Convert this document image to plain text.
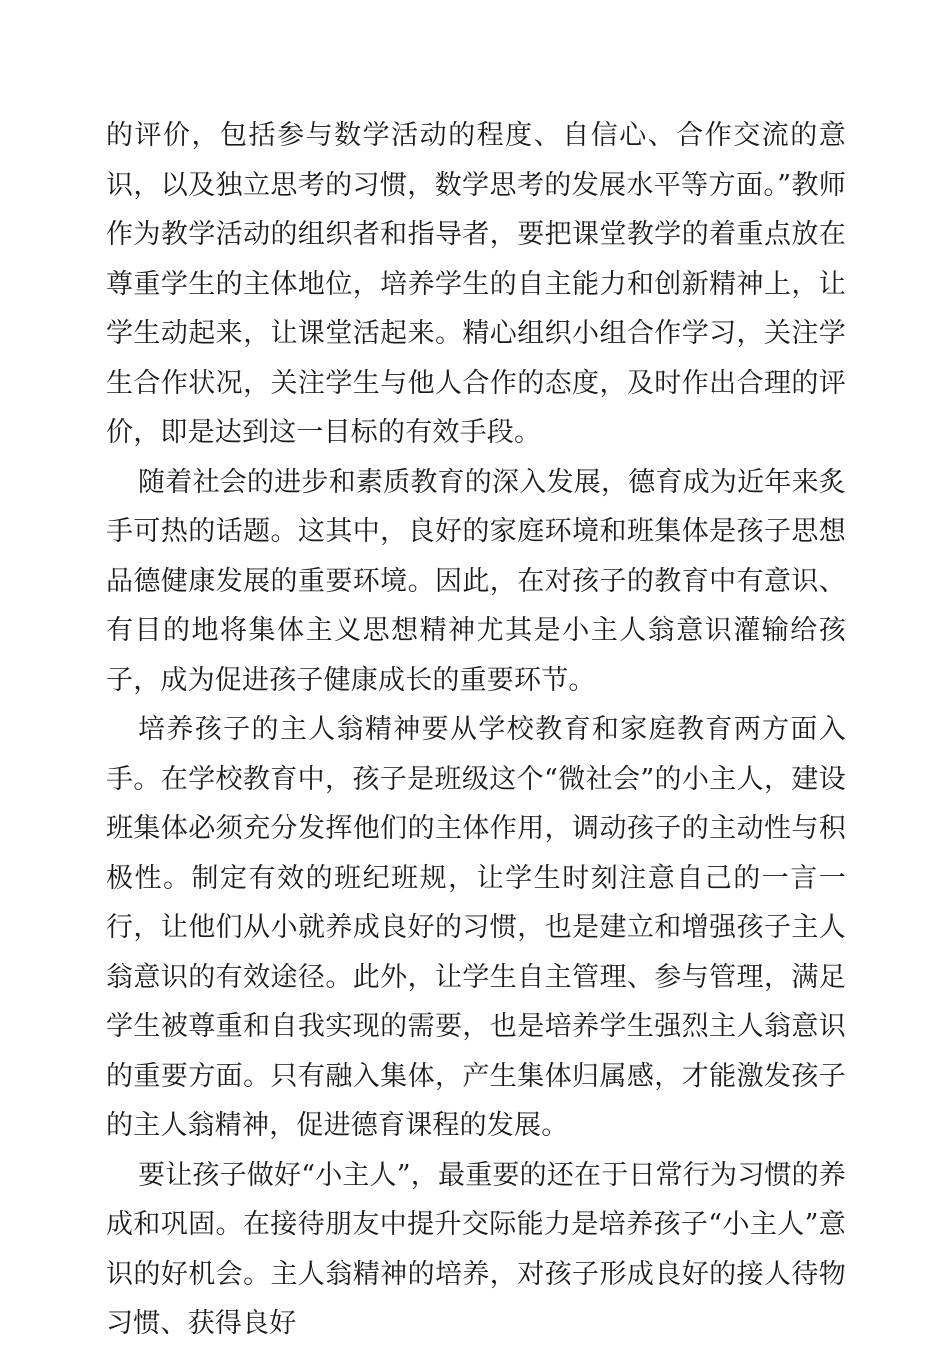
的评价，包括参与数学活动的程度、自信心、合作交流的意识，以及独立思考的习惯，数学思考的发展水平等方面。”教师作为教学活动的组织者和指导者，要把课堂教学的着重点放在尊重学生的主体地位，培养学生的自主能力和创新精神上，让学生动起来，让课堂活起来。精心组织小组合作学习，关注学生合作状况，关注学生与他人合作的态度，及时作出合理的评价，即是达到这一目标的有效手段。

随着社会的进步和素质教育的深入发展，德育成为近年来炙手可热的话题。这其中，良好的家庭环境和班集体是孩子思想品德健康发展的重要环境。因此，在对孩子的教育中有意识、有目的地将集体主义思想精神尤其是小主人翁意识灌输给孩子，成为促进孩子健康成长的重要环节。

培养孩子的主人翁精神要从学校教育和家庭教育两方面入手。在学校教育中，孩子是班级这个“微社会”的小主人，建设班集体必须充分发挥他们的主体作用，调动孩子的主动性与积极性。制定有效的班纪班规，让学生时刻注意自己的一言一行，让他们从小就养成良好的习惯，也是建立和增强孩子主人翁意识的有效途径。此外，让学生自主管理、参与管理，满足学生被尊重和自我实现的需要，也是培养学生强烈主人翁意识的重要方面。只有融入集体，产生集体归属感，才能激发孩子的主人翁精神，促进德育课程的发展。

要让孩子做好“小主人”，最重要的还在于日常行为习惯的养成和巩固。在接待朋友中提升交际能力是培养孩子“小主人”意识的好机会。主人翁精神的培养，对孩子形成良好的接人待物习惯、获得良好
